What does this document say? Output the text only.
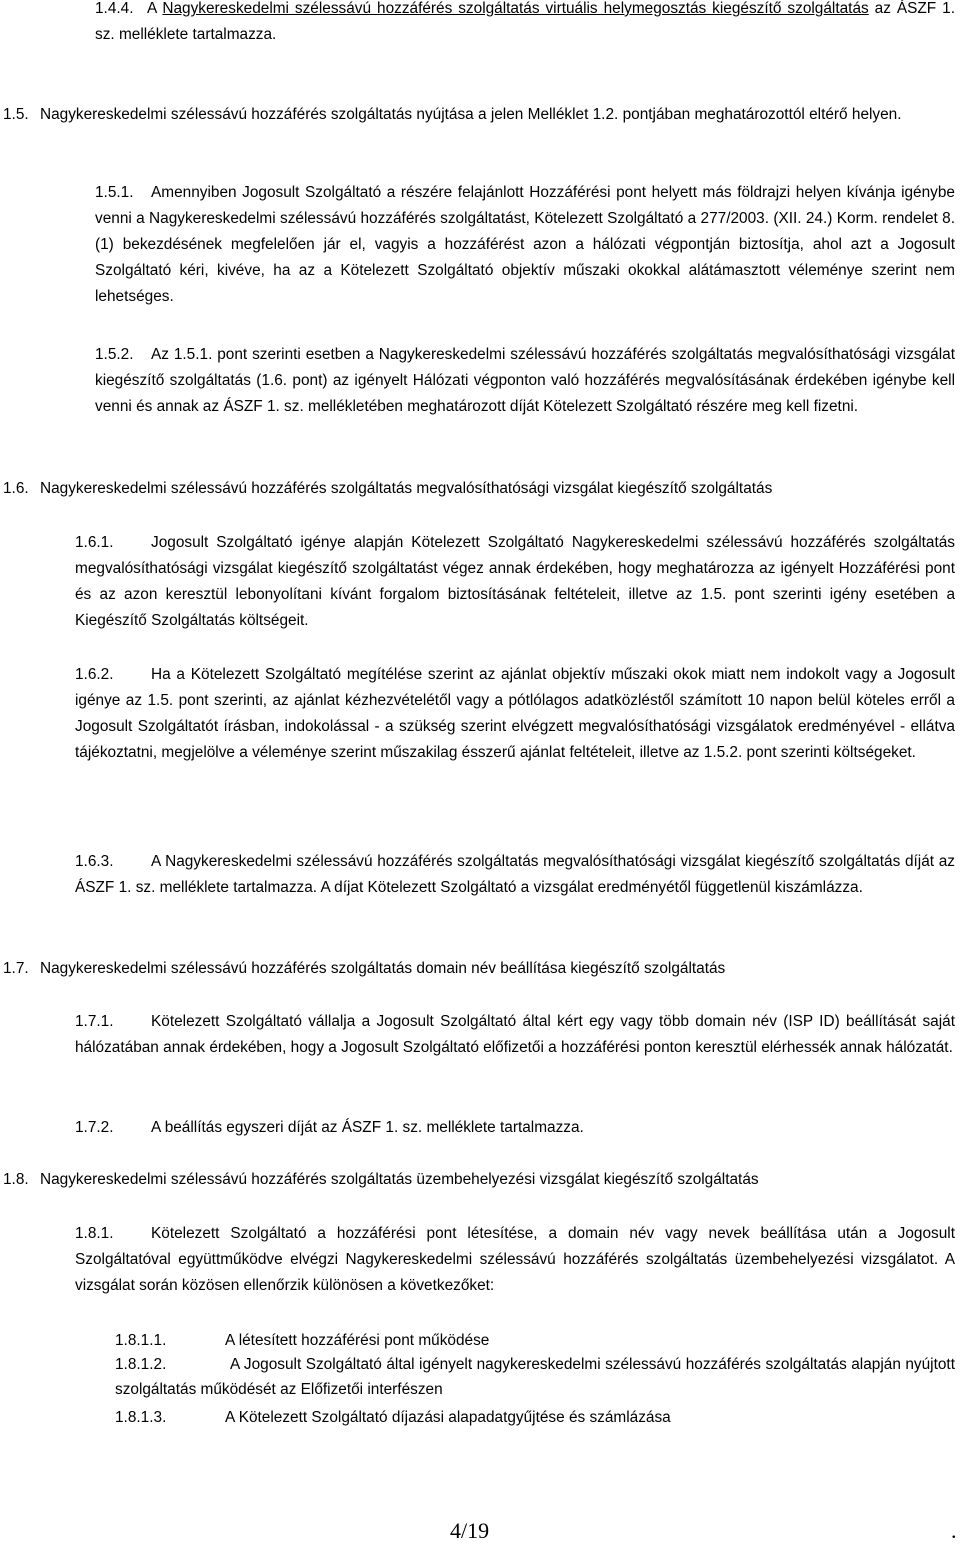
1.4.4. A Nagykereskedelmi szélessávú hozzáférés szolgáltatás virtuális helymegosztás kiegészítő szolgáltatás az ÁSZF 1. sz. melléklete tartalmazza.
1.5. Nagykereskedelmi szélessávú hozzáférés szolgáltatás nyújtása a jelen Melléklet 1.2. pontjában meghatározottól eltérő helyen.
1.5.1. Amennyiben Jogosult Szolgáltató a részére felajánlott Hozzáférési pont helyett más földrajzi helyen kívánja igénybe venni a Nagykereskedelmi szélessávú hozzáférés szolgáltatást, Kötelezett Szolgáltató a 277/2003. (XII. 24.) Korm. rendelet 8. (1) bekezdésének megfelelően jár el, vagyis a hozzáférést azon a hálózati végpontján biztosítja, ahol azt a Jogosult Szolgáltató kéri, kivéve, ha az a Kötelezett Szolgáltató objektív műszaki okokkal alátámasztott véleménye szerint nem lehetséges.
1.5.2. Az 1.5.1. pont szerinti esetben a Nagykereskedelmi szélessávú hozzáférés szolgáltatás megvalósíthatósági vizsgálat kiegészítő szolgáltatás (1.6. pont) az igényelt Hálózati végponton való hozzáférés megvalósításának érdekében igénybe kell venni és annak az ÁSZF 1. sz. mellékletében meghatározott díját Kötelezett Szolgáltató részére meg kell fizetni.
1.6. Nagykereskedelmi szélessávú hozzáférés szolgáltatás megvalósíthatósági vizsgálat kiegészítő szolgáltatás
1.6.1. Jogosult Szolgáltató igénye alapján Kötelezett Szolgáltató Nagykereskedelmi szélessávú hozzáférés szolgáltatás megvalósíthatósági vizsgálat kiegészítő szolgáltatást végez annak érdekében, hogy meghatározza az igényelt Hozzáférési pont és az azon keresztül lebonyolítani kívánt forgalom biztosításának feltételeit, illetve az 1.5. pont szerinti igény esetében a Kiegészítő Szolgáltatás költségeit.
1.6.2. Ha a Kötelezett Szolgáltató megítélése szerint az ajánlat objektív műszaki okok miatt nem indokolt vagy a Jogosult igénye az 1.5. pont szerinti, az ajánlat kézhezvételétől vagy a pótlólagos adatközléstől számított 10 napon belül köteles erről a Jogosult Szolgáltatót írásban, indokolással - a szükség szerint elvégzett megvalósíthatósági vizsgálatok eredményével - ellátva tájékoztatni, megjelölve a véleménye szerint műszakilag ésszerű ajánlat feltételeit, illetve az 1.5.2. pont szerinti költségeket.
1.6.3. A Nagykereskedelmi szélessávú hozzáférés szolgáltatás megvalósíthatósági vizsgálat kiegészítő szolgáltatás díját az ÁSZF 1. sz. melléklete tartalmazza. A díjat Kötelezett Szolgáltató a vizsgálat eredményétől függetlenül kiszámlázza.
1.7. Nagykereskedelmi szélessávú hozzáférés szolgáltatás domain név beállítása kiegészítő szolgáltatás
1.7.1. Kötelezett Szolgáltató vállalja a Jogosult Szolgáltató által kért egy vagy több domain név (ISP ID) beállítását saját hálózatában annak érdekében, hogy a Jogosult Szolgáltató előfizetői a hozzáférési ponton keresztül elérhessék annak hálózatát.
1.7.2. A beállítás egyszeri díját az ÁSZF 1. sz. melléklete tartalmazza.
1.8. Nagykereskedelmi szélessávú hozzáférés szolgáltatás üzembehelyezési vizsgálat kiegészítő szolgáltatás
1.8.1. Kötelezett Szolgáltató a hozzáférési pont létesítése, a domain név vagy nevek beállítása után a Jogosult Szolgáltatóval együttműködve elvégzi Nagykereskedelmi szélessávú hozzáférés szolgáltatás üzembehelyezési vizsgálatot. A vizsgálat során közösen ellenőrzik különösen a következőket:
1.8.1.1.	A létesített hozzáférési pont működése
1.8.1.2.	A Jogosult Szolgáltató által igényelt nagykereskedelmi szélessávú hozzáférés szolgáltatás alapján nyújtott szolgáltatás működését az Előfizetői interfészen
1.8.1.3.	A Kötelezett Szolgáltató díjazási alapadatgyűjtése és számlázása
4/19	.
